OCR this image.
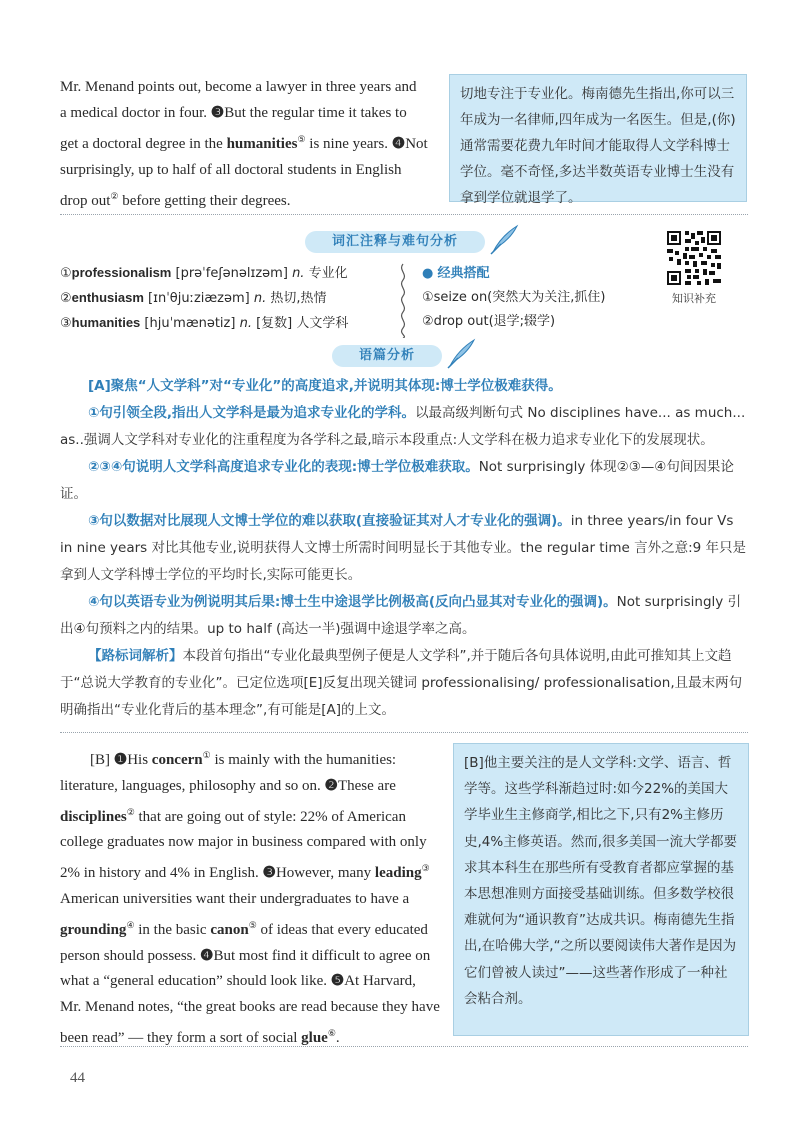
Mr. Menand points out, become a lawyer in three years and

a medical doctor in four. ❸But the regular time it takes to

get a doctoral degree in the humanities⑤ is nine years. ❹Not

surprisingly, up to half of all doctoral students in English

drop out② before getting their degrees.

切地专注于专业化。梅南德先生指出,你可以三年成为一名律师,四年成为一名医生。但是,(你)通常需要花费九年时间才能取得人文学科博士学位。毫不奇怪,多达半数英语专业博士生没有拿到学位就退学了。
词汇注释与难句分析
①professionalism [prəˈfeʃənəlɪzəm] n. 专业化
②enthusiasm [ɪnˈθjuːziæzəm] n. 热切,热情
③humanities [hjuˈmænətiz] n. [复数] 人文学科
● 经典搭配
①seize on(突然大为关注,抓住)
②drop out(退学;辍学)
知识补充
语篇分析

[A]聚焦“人文学科”对“专业化”的高度追求,并说明其体现:博士学位极难获得。

①句引领全段,指出人文学科是最为追求专业化的学科。以最高级判断句式 No disciplines have... as much... as..强调人文学科对专业化的注重程度为各学科之最,暗示本段重点:人文学科在极力追求专业化下的发展现状。

②③④句说明人文学科高度追求专业化的表现:博士学位极难获取。Not surprisingly 体现②③—④句间因果论证。

③句以数据对比展现人文博士学位的难以获取(直接验证其对人才专业化的强调)。in three years/in four Vs in nine years 对比其他专业,说明获得人文博士所需时间明显长于其他专业。the regular time 言外之意:9 年只是拿到人文学科博士学位的平均时长,实际可能更长。

④句以英语专业为例说明其后果:博士生中途退学比例极高(反向凸显其对专业化的强调)。Not surprisingly 引出④句预料之内的结果。up to half (高达一半)强调中途退学率之高。

【路标词解析】本段首句指出“专业化最典型例子便是人文学科”,并于随后各句具体说明,由此可推知其上文趋于“总说大学教育的专业化”。已定位选项[E]反复出现关键词 professionalising/ professionalisation,且最末两句明确指出“专业化背后的基本理念”,有可能是[A]的上文。

[B] ❶His concern① is mainly with the humanities: literature, languages, philosophy and so on. ❷These are disciplines② that are going out of style: 22% of American college graduates now major in business compared with only 2% in history and 4% in English. ❸However, many leading③ American universities want their undergraduates to have a grounding④ in the basic canon⑤ of ideas that every educated person should possess. ❹But most find it difficult to agree on what a “general education” should look like. ❺At Harvard, Mr. Menand notes, “the great books are read because they have been read” — they form a sort of social glue⑥.

[B]他主要关注的是人文学科:文学、语言、哲学等。这些学科渐趋过时:如今22%的美国大学毕业生主修商学,相比之下,只有2%主修历史,4%主修英语。然而,很多美国一流大学都要求其本科生在那些所有受教育者都应掌握的基本思想准则方面接受基础训练。但多数学校很难就何为“通识教育”达成共识。梅南德先生指出,在哈佛大学,“之所以要阅读伟大著作是因为它们曾被人读过”——这些著作形成了一种社会粘合剂。
44
